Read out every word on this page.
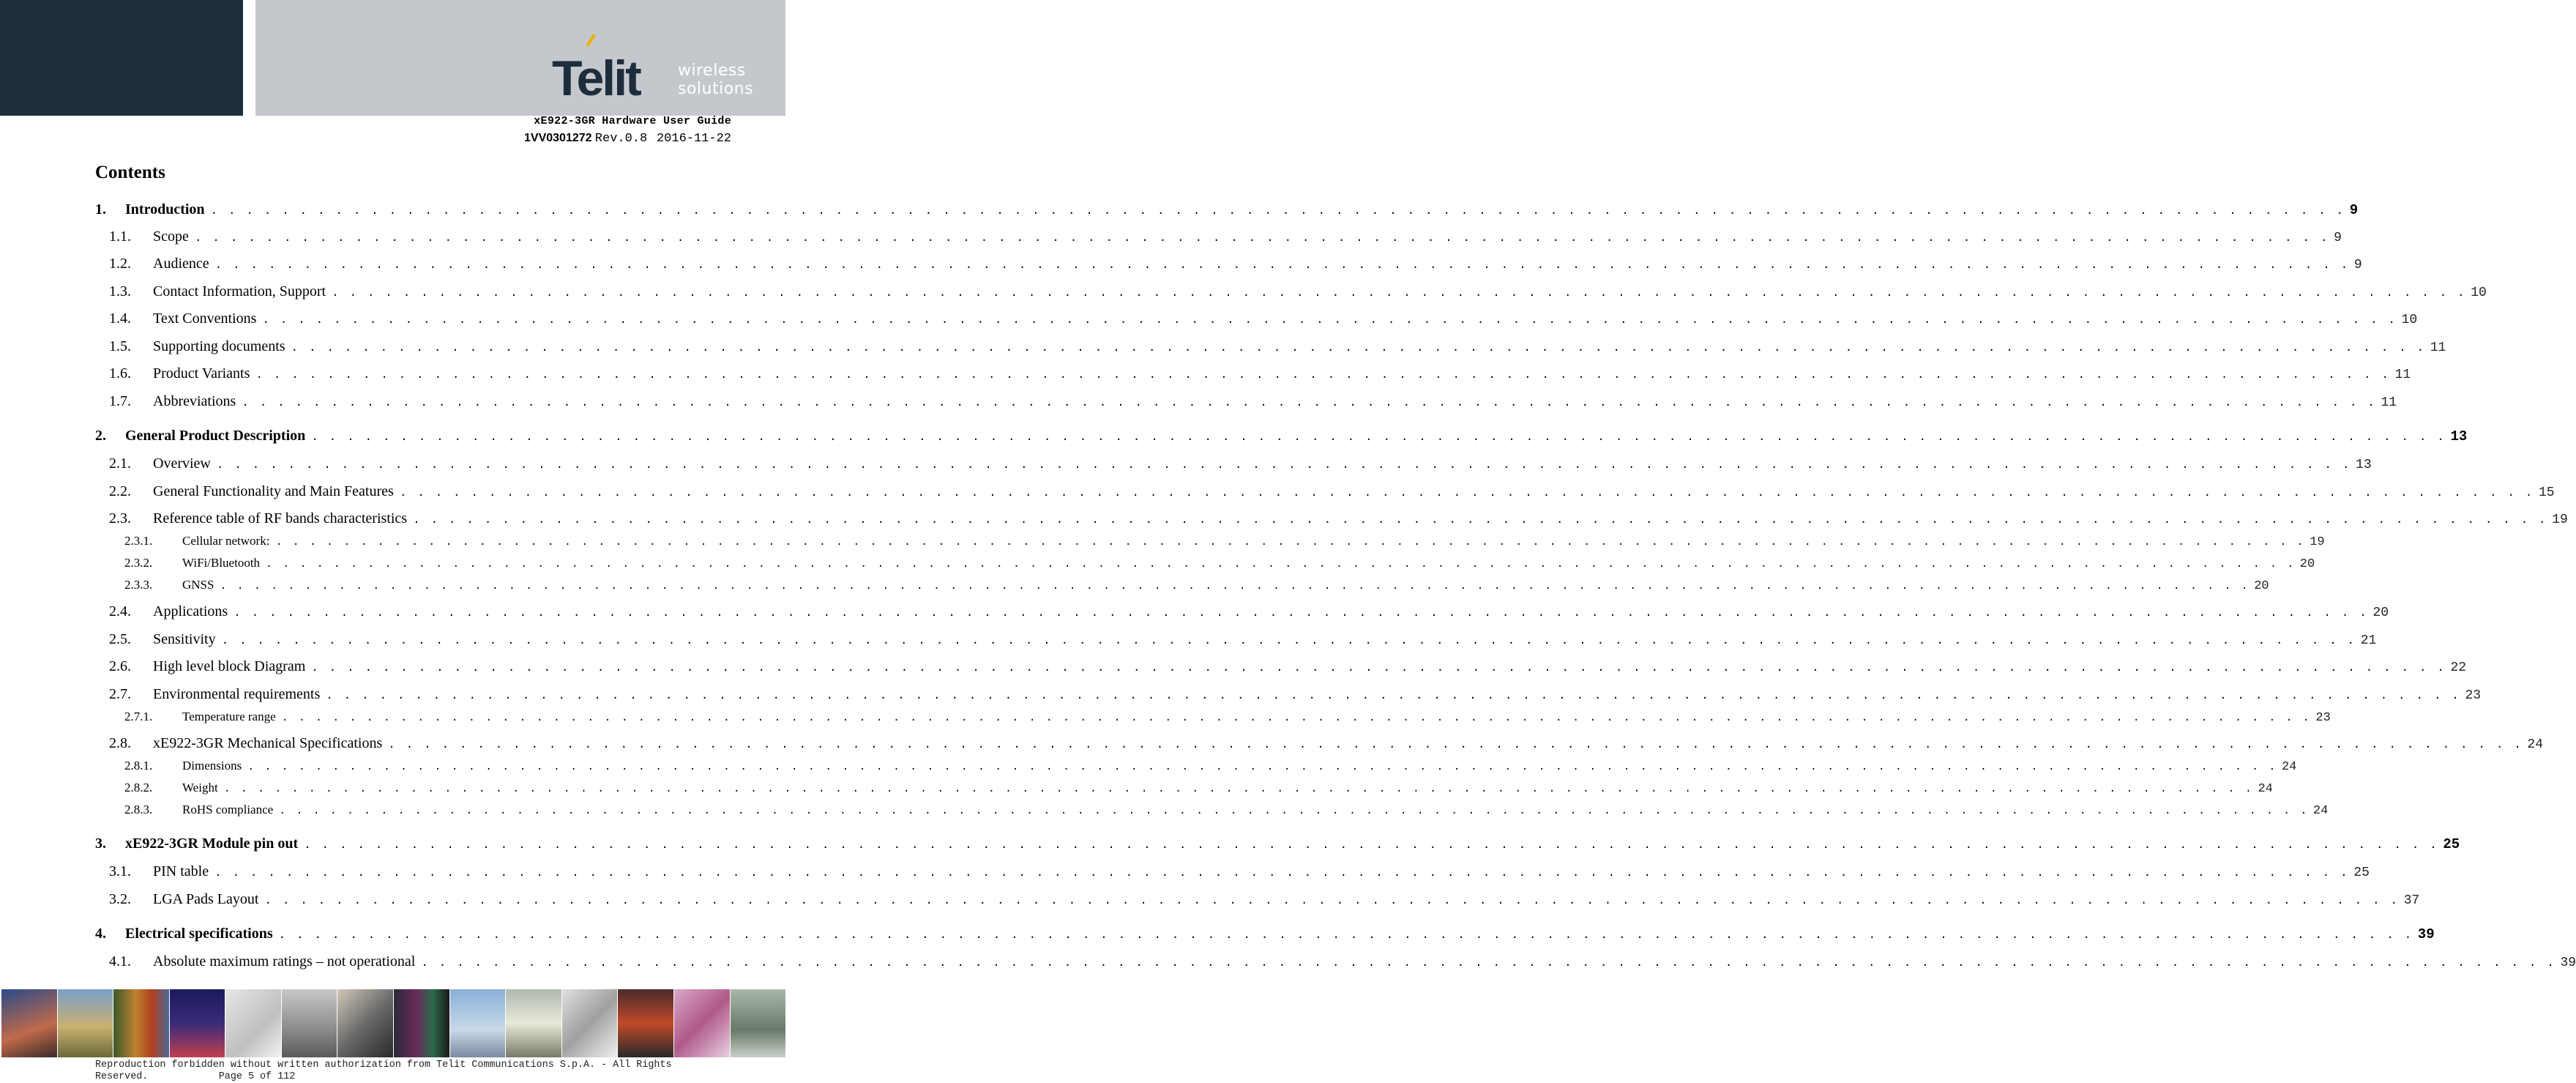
Telit wireless
solutions
xE922-3GR Hardware User Guide
1VV0301272 Rev.0.8 2016-11-22
Contents
1.	Introduction . . . . . . . . . . . . . . . . . . . . . . . . . . . . . . . . . . . . . . . . . . . . . . . . . . . . . . . . . . . . . . . . . . . . . . . . . . . . . . . . . . . . . . . . . . . . . . . . . . . . . . . . . . . . . . . . . . . . . . . . 9
1.1.	Scope . . . . . . . . . . . . . . . . . . . . . . . . . . . . . . . . . . . . . . . . . . . . . . . . . . . . . . . . . . . . . . . . . . . . . . . . . . . . . . . . . . . . . . . . . . . . . . . . . . . . . . . . . . . . . . . . . . . . . . . . 9
1.2.	Audience . . . . . . . . . . . . . . . . . . . . . . . . . . . . . . . . . . . . . . . . . . . . . . . . . . . . . . . . . . . . . . . . . . . . . . . . . . . . . . . . . . . . . . . . . . . . . . . . . . . . . . . . . . . . . . . . . . . . . . . . 9
1.3.	Contact Information, Support . . . . . . . . . . . . . . . . . . . . . . . . . . . . . . . . . . . . . . . . . . . . . . . . . . . . . . . . . . . . . . . . . . . . . . . . . . . . . . . . . . . . . . . . . . . . . . . . . . . . . . . . . . . . . . . . . . . . . . . . 10
1.4.	Text Conventions . . . . . . . . . . . . . . . . . . . . . . . . . . . . . . . . . . . . . . . . . . . . . . . . . . . . . . . . . . . . . . . . . . . . . . . . . . . . . . . . . . . . . . . . . . . . . . . . . . . . . . . . . . . . . . . . . . . . . . . . 10
1.5.	Supporting documents . . . . . . . . . . . . . . . . . . . . . . . . . . . . . . . . . . . . . . . . . . . . . . . . . . . . . . . . . . . . . . . . . . . . . . . . . . . . . . . . . . . . . . . . . . . . . . . . . . . . . . . . . . . . . . . . . . . . . . . . 11
1.6.	Product Variants . . . . . . . . . . . . . . . . . . . . . . . . . . . . . . . . . . . . . . . . . . . . . . . . . . . . . . . . . . . . . . . . . . . . . . . . . . . . . . . . . . . . . . . . . . . . . . . . . . . . . . . . . . . . . . . . . . . . . . . . 11
1.7.	Abbreviations . . . . . . . . . . . . . . . . . . . . . . . . . . . . . . . . . . . . . . . . . . . . . . . . . . . . . . . . . . . . . . . . . . . . . . . . . . . . . . . . . . . . . . . . . . . . . . . . . . . . . . . . . . . . . . . . . . . . . . . . 11
2.	General Product Description . . . . . . . . . . . . . . . . . . . . . . . . . . . . . . . . . . . . . . . . . . . . . . . . . . . . . . . . . . . . . . . . . . . . . . . . . . . . . . . . . . . . . . . . . . . . . . . . . . . . . . . . . . . . . . . . . . . . . . . . 13
2.1.	Overview . . . . . . . . . . . . . . . . . . . . . . . . . . . . . . . . . . . . . . . . . . . . . . . . . . . . . . . . . . . . . . . . . . . . . . . . . . . . . . . . . . . . . . . . . . . . . . . . . . . . . . . . . . . . . . . . . . . . . . . . 13
2.2.	General Functionality and Main Features . . . . . . . . . . . . . . . . . . . . . . . . . . . . . . . . . . . . . . . . . . . . . . . . . . . . . . . . . . . . . . . . . . . . . . . . . . . . . . . . . . . . . . . . . . . . . . . . . . . . . . . . . . . . . . . . . . . . . . . . 15
2.3.	Reference table of RF bands characteristics . . . . . . . . . . . . . . . . . . . . . . . . . . . . . . . . . . . . . . . . . . . . . . . . . . . . . . . . . . . . . . . . . . . . . . . . . . . . . . . . . . . . . . . . . . . . . . . . . . . . . . . . . . . . . . . . . . . . . . . . 19
2.3.1.	Cellular network: . . . . . . . . . . . . . . . . . . . . . . . . . . . . . . . . . . . . . . . . . . . . . . . . . . . . . . . . . . . . . . . . . . . . . . . . . . . . . . . . . . . . . . . . . . . . . . . . . . . . . . . . . . . . . . . . . . . . . . . . 19
2.3.2.	WiFi/Bluetooth . . . . . . . . . . . . . . . . . . . . . . . . . . . . . . . . . . . . . . . . . . . . . . . . . . . . . . . . . . . . . . . . . . . . . . . . . . . . . . . . . . . . . . . . . . . . . . . . . . . . . . . . . . . . . . . . . . . . . . . . 20
2.3.3.	GNSS . . . . . . . . . . . . . . . . . . . . . . . . . . . . . . . . . . . . . . . . . . . . . . . . . . . . . . . . . . . . . . . . . . . . . . . . . . . . . . . . . . . . . . . . . . . . . . . . . . . . . . . . . . . . . . . . . . . . . . . . 20
2.4.	Applications . . . . . . . . . . . . . . . . . . . . . . . . . . . . . . . . . . . . . . . . . . . . . . . . . . . . . . . . . . . . . . . . . . . . . . . . . . . . . . . . . . . . . . . . . . . . . . . . . . . . . . . . . . . . . . . . . . . . . . . . 20
2.5.	Sensitivity . . . . . . . . . . . . . . . . . . . . . . . . . . . . . . . . . . . . . . . . . . . . . . . . . . . . . . . . . . . . . . . . . . . . . . . . . . . . . . . . . . . . . . . . . . . . . . . . . . . . . . . . . . . . . . . . . . . . . . . . 21
2.6.	High level block Diagram . . . . . . . . . . . . . . . . . . . . . . . . . . . . . . . . . . . . . . . . . . . . . . . . . . . . . . . . . . . . . . . . . . . . . . . . . . . . . . . . . . . . . . . . . . . . . . . . . . . . . . . . . . . . . . . . . . . . . . . . 22
2.7.	Environmental requirements . . . . . . . . . . . . . . . . . . . . . . . . . . . . . . . . . . . . . . . . . . . . . . . . . . . . . . . . . . . . . . . . . . . . . . . . . . . . . . . . . . . . . . . . . . . . . . . . . . . . . . . . . . . . . . . . . . . . . . . . 23
2.7.1.	Temperature range . . . . . . . . . . . . . . . . . . . . . . . . . . . . . . . . . . . . . . . . . . . . . . . . . . . . . . . . . . . . . . . . . . . . . . . . . . . . . . . . . . . . . . . . . . . . . . . . . . . . . . . . . . . . . . . . . . . . . . . . 23
2.8.	xE922-3GR Mechanical Specifications . . . . . . . . . . . . . . . . . . . . . . . . . . . . . . . . . . . . . . . . . . . . . . . . . . . . . . . . . . . . . . . . . . . . . . . . . . . . . . . . . . . . . . . . . . . . . . . . . . . . . . . . . . . . . . . . . . . . . . . . 24
2.8.1.	Dimensions . . . . . . . . . . . . . . . . . . . . . . . . . . . . . . . . . . . . . . . . . . . . . . . . . . . . . . . . . . . . . . . . . . . . . . . . . . . . . . . . . . . . . . . . . . . . . . . . . . . . . . . . . . . . . . . . . . . . . . . . 24
2.8.2.	Weight . . . . . . . . . . . . . . . . . . . . . . . . . . . . . . . . . . . . . . . . . . . . . . . . . . . . . . . . . . . . . . . . . . . . . . . . . . . . . . . . . . . . . . . . . . . . . . . . . . . . . . . . . . . . . . . . . . . . . . . . 24
2.8.3.	RoHS compliance . . . . . . . . . . . . . . . . . . . . . . . . . . . . . . . . . . . . . . . . . . . . . . . . . . . . . . . . . . . . . . . . . . . . . . . . . . . . . . . . . . . . . . . . . . . . . . . . . . . . . . . . . . . . . . . . . . . . . . . . 24
3.	xE922-3GR Module pin out . . . . . . . . . . . . . . . . . . . . . . . . . . . . . . . . . . . . . . . . . . . . . . . . . . . . . . . . . . . . . . . . . . . . . . . . . . . . . . . . . . . . . . . . . . . . . . . . . . . . . . . . . . . . . . . . . . . . . . . . 25
3.1.	PIN table . . . . . . . . . . . . . . . . . . . . . . . . . . . . . . . . . . . . . . . . . . . . . . . . . . . . . . . . . . . . . . . . . . . . . . . . . . . . . . . . . . . . . . . . . . . . . . . . . . . . . . . . . . . . . . . . . . . . . . . . 25
3.2.	LGA Pads Layout . . . . . . . . . . . . . . . . . . . . . . . . . . . . . . . . . . . . . . . . . . . . . . . . . . . . . . . . . . . . . . . . . . . . . . . . . . . . . . . . . . . . . . . . . . . . . . . . . . . . . . . . . . . . . . . . . . . . . . . . 37
4.	Electrical specifications . . . . . . . . . . . . . . . . . . . . . . . . . . . . . . . . . . . . . . . . . . . . . . . . . . . . . . . . . . . . . . . . . . . . . . . . . . . . . . . . . . . . . . . . . . . . . . . . . . . . . . . . . . . . . . . . . . . . . . . . 39
4.1.	Absolute maximum ratings – not operational . . . . . . . . . . . . . . . . . . . . . . . . . . . . . . . . . . . . . . . . . . . . . . . . . . . . . . . . . . . . . . . . . . . . . . . . . . . . . . . . . . . . . . . . . . . . . . . . . . . . . . . . . . . . . . . . . . . . . . . . 39
Reproduction forbidden without written authorization from Telit Communications S.p.A. - All Rights
Reserved.	Page 5 of 112
